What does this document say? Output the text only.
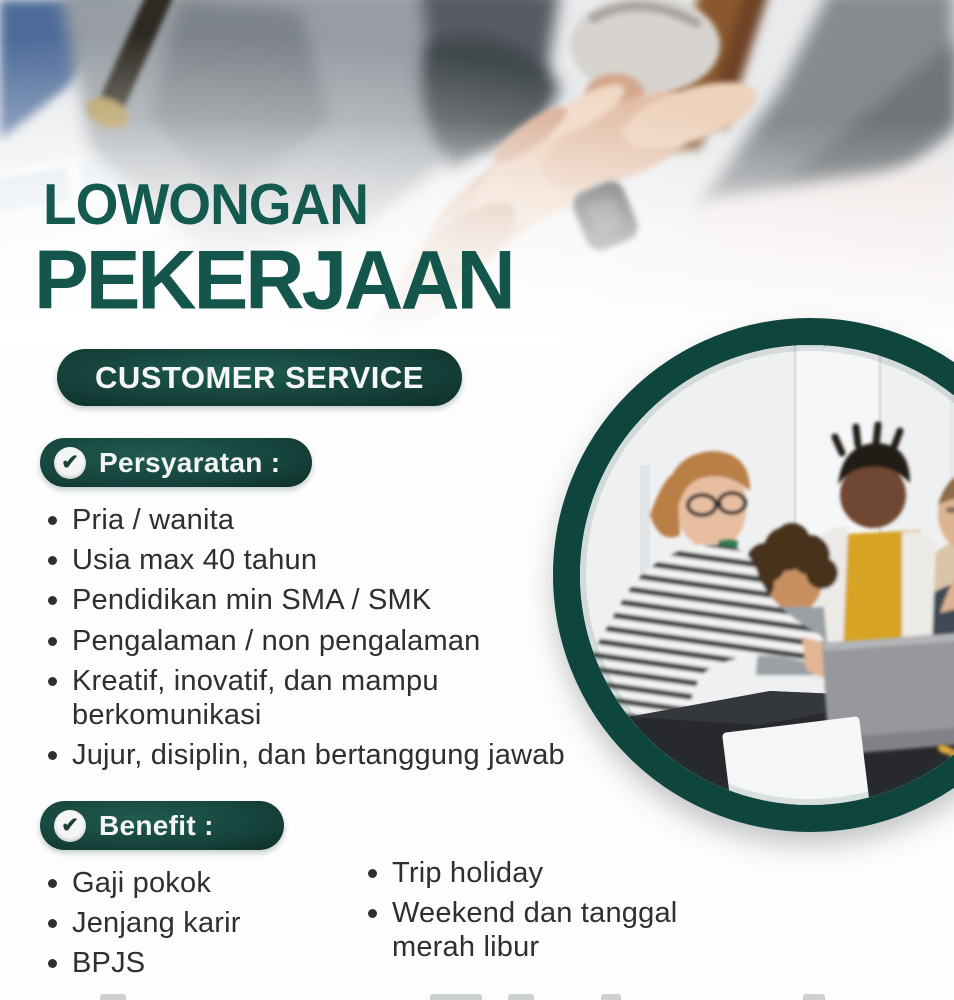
LOWONGAN
PEKERJAAN
CUSTOMER SERVICE
✔ Persyaratan :
Pria / wanita
Usia max 40 tahun
Pendidikan min SMA / SMK
Pengalaman / non pengalaman
Kreatif, inovatif, dan mampu berkomunikasi
Jujur, disiplin, dan bertanggung jawab
✔ Benefit :
Gaji pokok
Jenjang karir
BPJS
Trip holiday
Weekend dan tanggal merah libur
